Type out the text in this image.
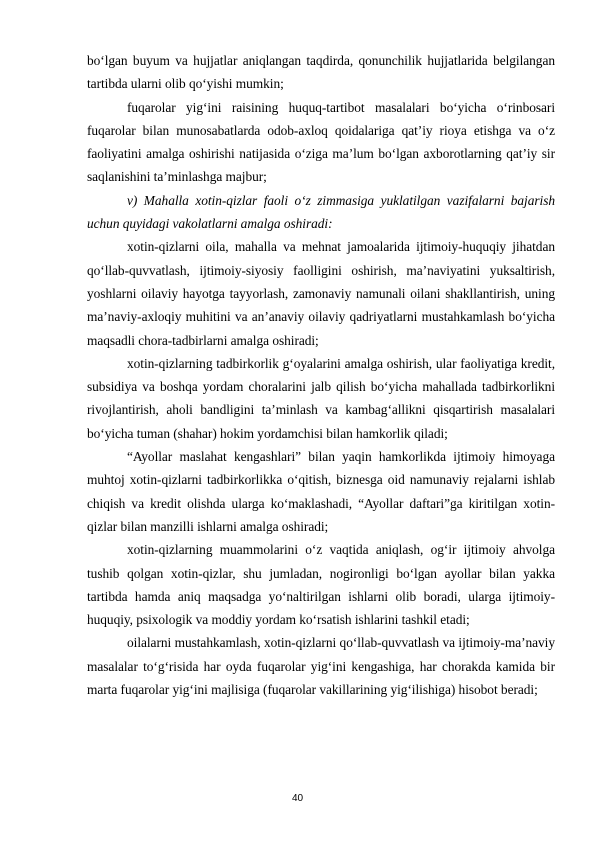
bo‘lgan buyum va hujjatlar aniqlangan taqdirda, qonunchilik hujjatlarida belgilangan tartibda ularni olib qo‘yishi mumkin;

fuqarolar yig‘ini raisining huquq-tartibot masalalari bo‘yicha o‘rinbosari fuqarolar bilan munosabatlarda odob-axloq qoidalariga qat’iy rioya etishga va o‘z faoliyatini amalga oshirishi natijasida o‘ziga ma’lum bo‘lgan axborotlarning qat’iy sir saqlanishini ta’minlashga majbur;

v) Mahalla xotin-qizlar faoli o‘z zimmasiga yuklatilgan vazifalarni bajarish uchun quyidagi vakolatlarni amalga oshiradi:

xotin-qizlarni oila, mahalla va mehnat jamoalarida ijtimoiy-huquqiy jihatdan qo‘llab-quvvatlash, ijtimoiy-siyosiy faolligini oshirish, ma’naviyatini yuksaltirish, yoshlarni oilaviy hayotga tayyorlash, zamonaviy namunali oilani shakllantirish, uning ma’naviy-axloqiy muhitini va an’anaviy oilaviy qadriyatlarni mustahkamlash bo‘yicha maqsadli chora-tadbirlarni amalga oshiradi;

xotin-qizlarning tadbirkorlik g‘oyalarini amalga oshirish, ular faoliyatiga kredit, subsidiya va boshqa yordam choralarini jalb qilish bo‘yicha mahallada tadbirkorlikni rivojlantirish, aholi bandligini ta’minlash va kambag‘allikni qisqartirish masalalari bo‘yicha tuman (shahar) hokim yordamchisi bilan hamkorlik qiladi;

“Ayollar maslahat kengashlari” bilan yaqin hamkorlikda ijtimoiy himoyaga muhtoj xotin-qizlarni tadbirkorlikka o‘qitish, biznesga oid namunaviy rejalarni ishlab chiqish va kredit olishda ularga ko‘maklashadi, “Ayollar daftari”ga kiritilgan xotin-qizlar bilan manzilli ishlarni amalga oshiradi;

xotin-qizlarning muammolarini o‘z vaqtida aniqlash, og‘ir ijtimoiy ahvolga tushib qolgan xotin-qizlar, shu jumladan, nogironligi bo‘lgan ayollar bilan yakka tartibda hamda aniq maqsadga yo‘naltirilgan ishlarni olib boradi, ularga ijtimoiy-huquqiy, psixologik va moddiy yordam ko‘rsatish ishlarini tashkil etadi;

oilalarni mustahkamlash, xotin-qizlarni qo‘llab-quvvatlash va ijtimoiy-ma’naviy masalalar to‘g‘risida har oyda fuqarolar yig‘ini kengashiga, har chorakda kamida bir marta fuqarolar yig‘ini majlisiga (fuqarolar vakillarining yig‘ilishiga) hisobot beradi;

40
